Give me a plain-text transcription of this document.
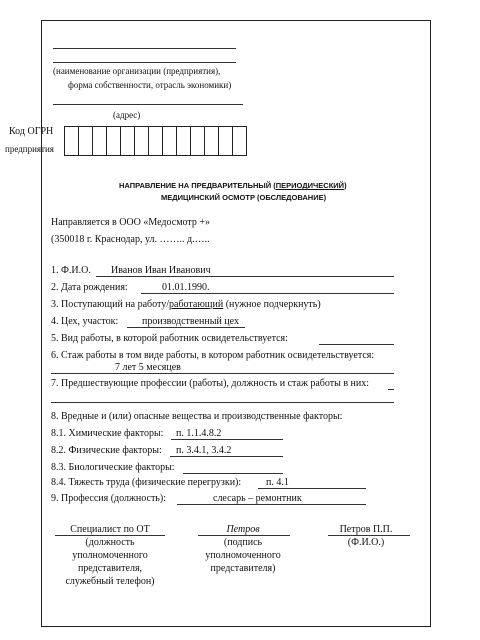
(наименование организации (предприятия),
форма собственности, отрасль экономики)
(адрес)
Код ОГРН
предприятия
НАПРАВЛЕНИЕ НА ПРЕДВАРИТЕЛЬНЫЙ (ПЕРИОДИЧЕСКИЙ)
МЕДИЦИНСКИЙ ОСМОТР (ОБСЛЕДОВАНИЕ)
Направляется в ООО «Медосмотр +»
(350018 г. Краснодар, ул. …….. д.…..
1. Ф.И.О. Иванов Иван Иванович
2. Дата рождения:	01.01.1990.
3. Поступающий на работу/работающий (нужное подчеркнуть)
4. Цех, участок: производственный цех
5. Вид работы, в которой работник освидетельствуется:
6. Стаж работы в том виде работы, в котором работник освидетельствуется:
7 лет 5 месяцев
7. Предшествующие профессии (работы), должность и стаж работы в них:
8. Вредные и (или) опасные вещества и производственные факторы:
8.1. Химические факторы: п. 1.1.4.8.2
8.2. Физические факторы: п. 3.4.1, 3.4.2
8.3. Биологические факторы:
8.4. Тяжесть труда (физические перегрузки): п. 4.1
9. Профессия (должность):	слесарь – ремонтник
Специалист по ОТ
(должность
уполномоченного
представителя,
служебный телефон)
Петров
(подпись
уполномоченного
представителя)
Петров П.П.
(Ф.И.О.)
